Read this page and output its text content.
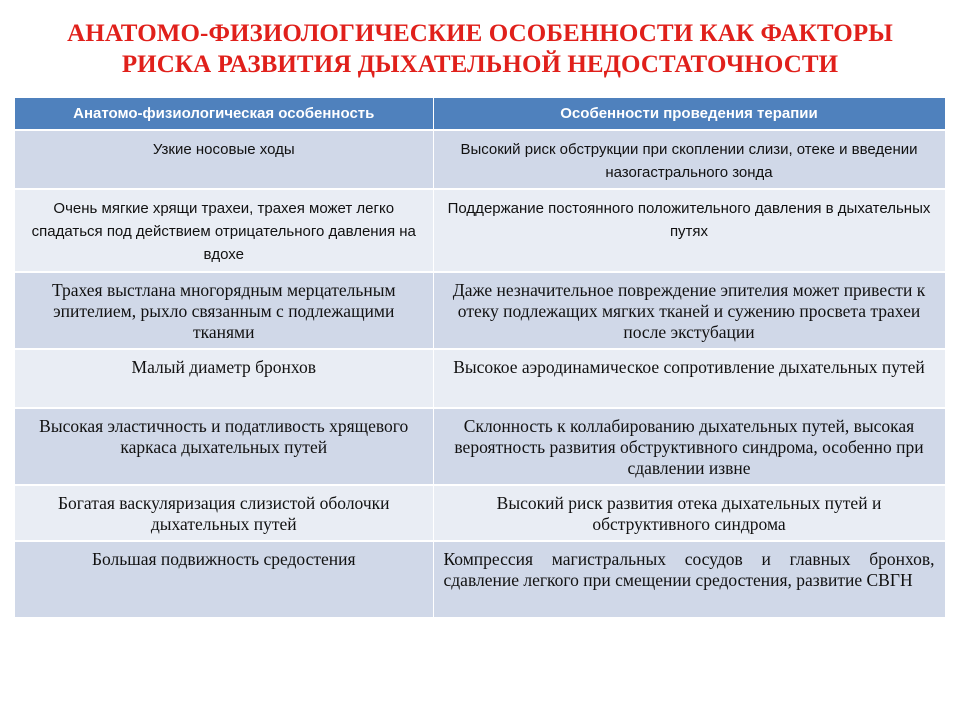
АНАТОМО-ФИЗИОЛОГИЧЕСКИЕ ОСОБЕННОСТИ КАК ФАКТОРЫ
РИСКА РАЗВИТИЯ ДЫХАТЕЛЬНОЙ НЕДОСТАТОЧНОСТИ
Анатомо-физиологическая особенность	Особенности проведения терапии
Узкие носовые ходы	Высокий риск обструкции при скоплении слизи, отеке и введении назогастрального зонда
Очень мягкие хрящи трахеи, трахея может легко спадаться под действием отрицательного давления на вдохе	Поддержание постоянного положительного давления в дыхательных путях
Трахея выстлана многорядным мерцательным эпителием, рыхло связанным с подлежащими тканями	Даже незначительное повреждение эпителия может привести к отеку подлежащих мягких тканей и сужению просвета трахеи после экстубации
Малый диаметр бронхов	Высокое аэродинамическое сопротивление дыхательных путей
Высокая эластичность и податливость хрящевого каркаса дыхательных путей	Склонность к коллабированию дыхательных путей, высокая вероятность развития обструктивного синдрома, особенно при сдавлении извне
Богатая васкуляризация слизистой оболочки дыхательных путей	Высокий риск развития отека дыхательных путей и обструктивного синдрома
Большая подвижность средостения	Компрессия магистральных сосудов и главных бронхов, сдавление легкого при смещении средостения, развитие СВГН
